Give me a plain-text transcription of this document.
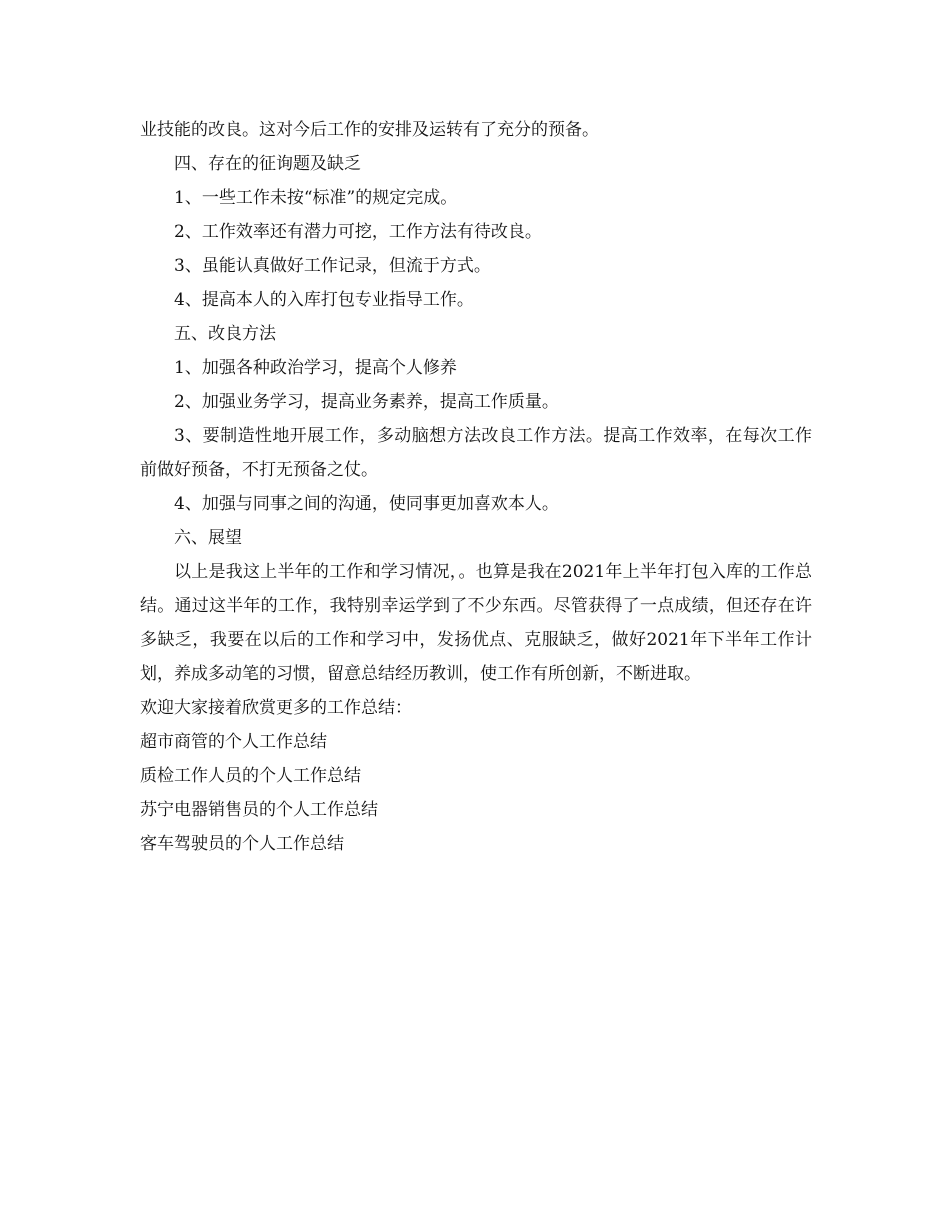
业技能的改良。这对今后工作的安排及运转有了充分的预备。
四、存在的征询题及缺乏
1、一些工作未按“标准”的规定完成。
2、工作效率还有潜力可挖，工作方法有待改良。
3、虽能认真做好工作记录，但流于方式。
4、提高本人的入库打包专业指导工作。
五、改良方法
1、加强各种政治学习，提高个人修养
2、加强业务学习，提高业务素养，提高工作质量。
3、要制造性地开展工作，多动脑想方法改良工作方法。提高工作效率，在每次工作前做好预备，不打无预备之仗。
4、加强与同事之间的沟通，使同事更加喜欢本人。
六、展望
以上是我这上半年的工作和学习情况，。也算是我在2021年上半年打包入库的工作总结。通过这半年的工作，我特别幸运学到了不少东西。尽管获得了一点成绩，但还存在许多缺乏，我要在以后的工作和学习中，发扬优点、克服缺乏，做好2021年下半年工作计划，养成多动笔的习惯，留意总结经历教训，使工作有所创新，不断进取。
欢迎大家接着欣赏更多的工作总结：
超市商管的个人工作总结
质检工作人员的个人工作总结
苏宁电器销售员的个人工作总结
客车驾驶员的个人工作总结
